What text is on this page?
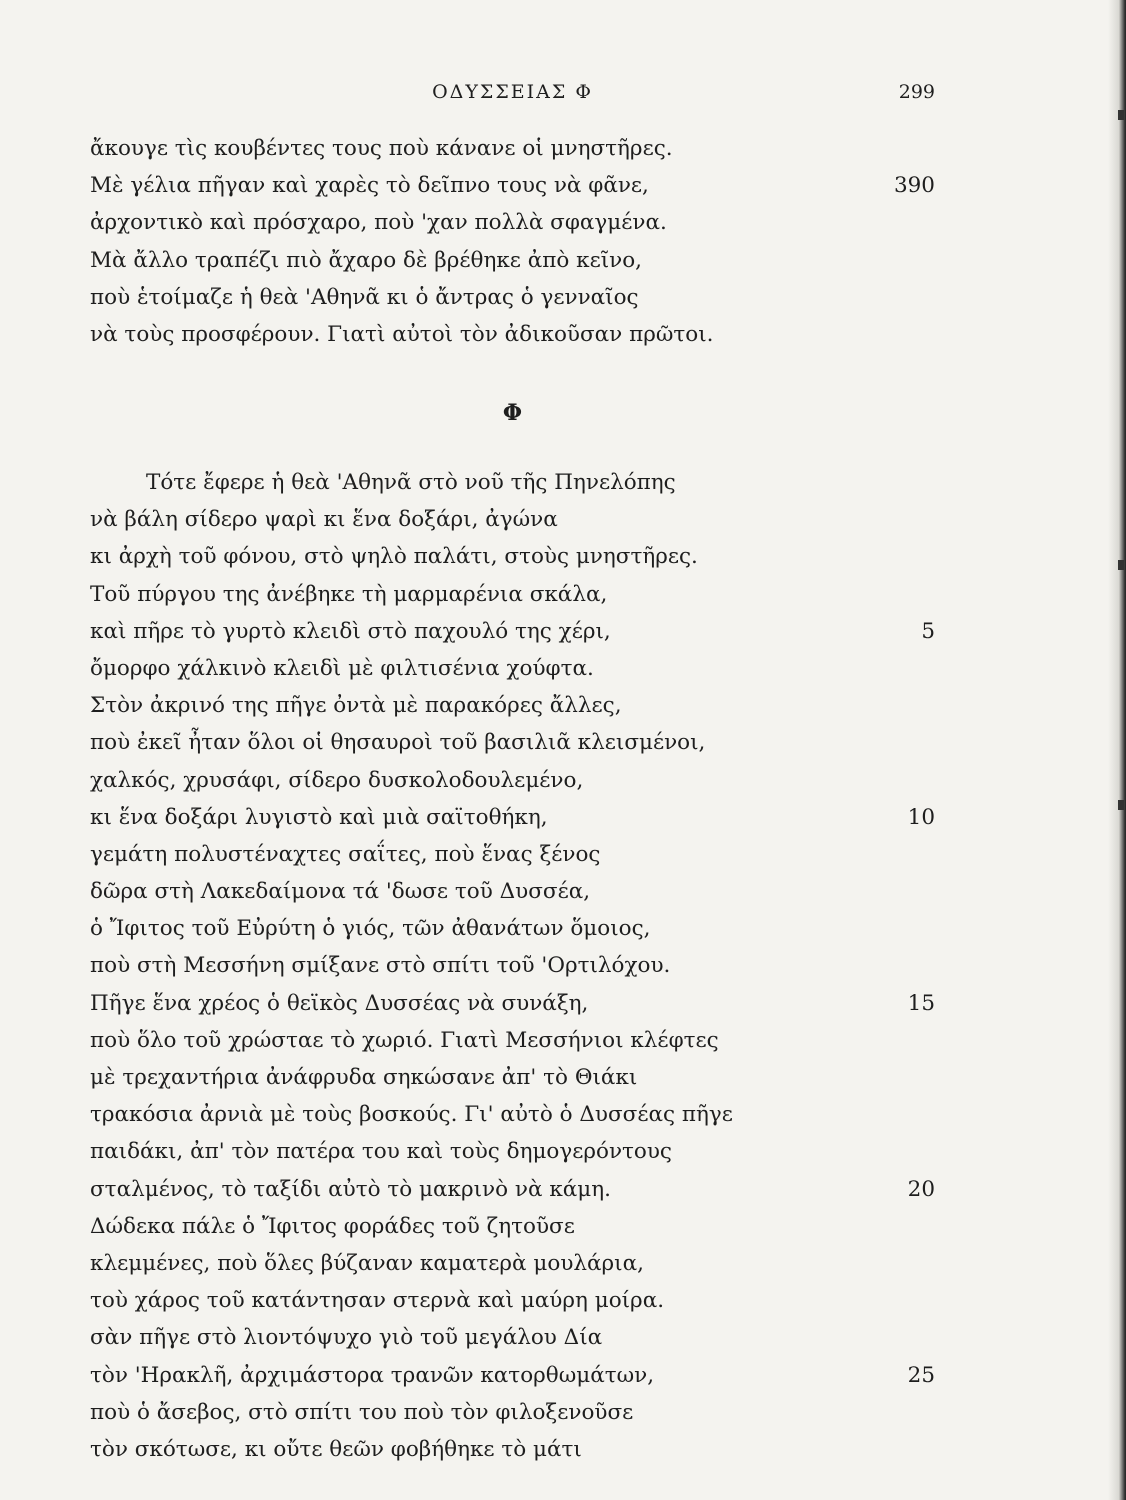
ΟΔΥΣΣΕΙΑΣ Φ	299
ἄκουγε τὶς κουβέντες τους ποὺ κάνανε οἱ μνηστῆρες.
Μὲ γέλια πῆγαν καὶ χαρὲς τὸ δεῖπνο τους νὰ φᾶνε,	390
ἀρχοντικὸ καὶ πρόσχαρο, ποὺ 'χαν πολλὰ σφαγμένα.
Μὰ ἄλλο τραπέζι πιὸ ἄχαρο δὲ βρέθηκε ἀπὸ κεῖνο,
ποὺ ἑτοίμαζε ἡ θεὰ 'Αθηνᾶ κι ὁ ἄντρας ὁ γενναῖος
νὰ τοὺς προσφέρουν. Γιατὶ αὐτοὶ τὸν ἀδικοῦσαν πρῶτοι.
Φ
Τότε ἔφερε ἡ θεὰ 'Αθηνᾶ στὸ νοῦ τῆς Πηνελόπης
νὰ βάλη σίδερο ψαρὶ κι ἕνα δοξάρι, ἀγώνα
κι ἀρχὴ τοῦ φόνου, στὸ ψηλὸ παλάτι, στοὺς μνηστῆρες.
Τοῦ πύργου της ἀνέβηκε τὴ μαρμαρένια σκάλα,
καὶ πῆρε τὸ γυρτὸ κλειδὶ στὸ παχουλό της χέρι,	5
ὄμορφο χάλκινὸ κλειδὶ μὲ φιλτισένια χούφτα.
Στὸν ἀκρινό της πῆγε ὀντὰ μὲ παρακόρες ἄλλες,
ποὺ ἐκεῖ ἦταν ὅλοι οἱ θησαυροὶ τοῦ βασιλιᾶ κλεισμένοι,
χαλκός, χρυσάφι, σίδερο δυσκολοδουλεμένο,
κι ἕνα δοξάρι λυγιστὸ καὶ μιὰ σαϊτοθήκη,	10
γεμάτη πολυστέναχτες σαΐτες, ποὺ ἕνας ξένος
δῶρα στὴ Λακεδαίμονα τά 'δωσε τοῦ Δυσσέα,
ὁ Ἴφιτος τοῦ Εὐρύτη ὁ γιός, τῶν ἀθανάτων ὅμοιος,
ποὺ στὴ Μεσσήνη σμίξανε στὸ σπίτι τοῦ 'Ορτιλόχου.
Πῆγε ἕνα χρέος ὁ θεϊκὸς Δυσσέας νὰ συνάξη,	15
ποὺ ὅλο τοῦ χρώσταε τὸ χωριό. Γιατὶ Μεσσήνιοι κλέφτες
μὲ τρεχαντήρια ἀνάφρυδα σηκώσανε ἀπ' τὸ Θιάκι
τρακόσια ἀρνιὰ μὲ τοὺς βοσκούς. Γι' αὐτὸ ὁ Δυσσέας πῆγε
παιδάκι, ἀπ' τὸν πατέρα του καὶ τοὺς δημογερόντους
σταλμένος, τὸ ταξίδι αὐτὸ τὸ μακρινὸ νὰ κάμη.	20
Δώδεκα πάλε ὁ Ἴφιτος φοράδες τοῦ ζητοῦσε
κλεμμένες, ποὺ ὅλες βύζαναν καματερὰ μουλάρια,
τοὺ χάρος τοῦ κατάντησαν στερνὰ καὶ μαύρη μοίρα.
σὰν πῆγε στὸ λιοντόψυχο γιὸ τοῦ μεγάλου Δία
τὸν 'Ηρακλῆ, ἀρχιμάστορα τρανῶν κατορθωμάτων,	25
ποὺ ὁ ἄσεβος, στὸ σπίτι του ποὺ τὸν φιλοξενοῦσε
τὸν σκότωσε, κι οὔτε θεῶν φοβήθηκε τὸ μάτι
